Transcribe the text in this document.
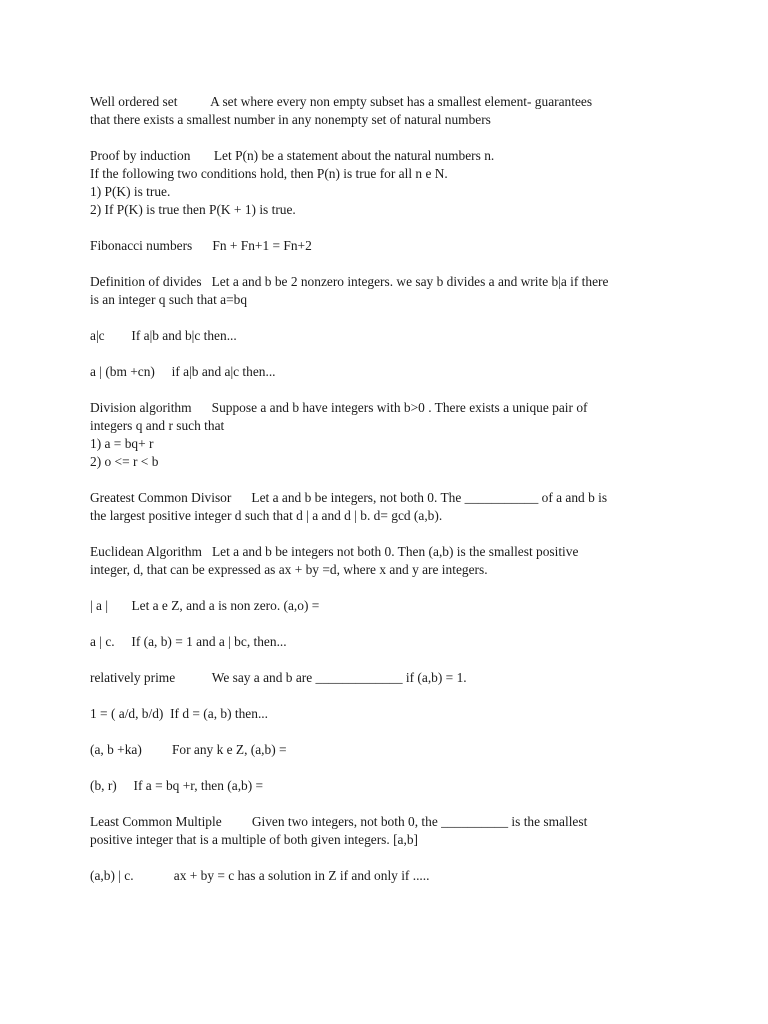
Well ordered set A set where every non empty subset has a smallest element- guarantees
that there exists a smallest number in any nonempty set of natural numbers
Proof by induction Let P(n) be a statement about the natural numbers n.
If the following two conditions hold, then P(n) is true for all n e N.
1) P(K) is true.
2) If P(K) is true then P(K + 1) is true.
Fibonacci numbers Fn + Fn+1 = Fn+2
Definition of divides Let a and b be 2 nonzero integers. we say b divides a and write b|a if there
is an integer q such that a=bq
a|c If a|b and b|c then...
a | (bm +cn) if a|b and a|c then...
Division algorithm Suppose a and b have integers with b>0 . There exists a unique pair of
integers q and r such that
1) a = bq+ r
2) o <= r < b
Greatest Common Divisor Let a and b be integers, not both 0. The ___________ of a and b is
the largest positive integer d such that d | a and d | b. d= gcd (a,b).
Euclidean Algorithm Let a and b be integers not both 0. Then (a,b) is the smallest positive
integer, d, that can be expressed as ax + by =d, where x and y are integers.
| a | Let a e Z, and a is non zero. (a,o) =
a | c. If (a, b) = 1 and a | bc, then...
relatively prime	We say a and b are _____________ if (a,b) = 1.
1 = ( a/d, b/d) If d = (a, b) then...
(a, b +ka) For any k e Z, (a,b) =
(b, r) If a = bq +r, then (a,b) =
Least Common Multiple Given two integers, not both 0, the __________ is the smallest
positive integer that is a multiple of both given integers. [a,b]
(a,b) | c.	ax + by = c has a solution in Z if and only if .....
